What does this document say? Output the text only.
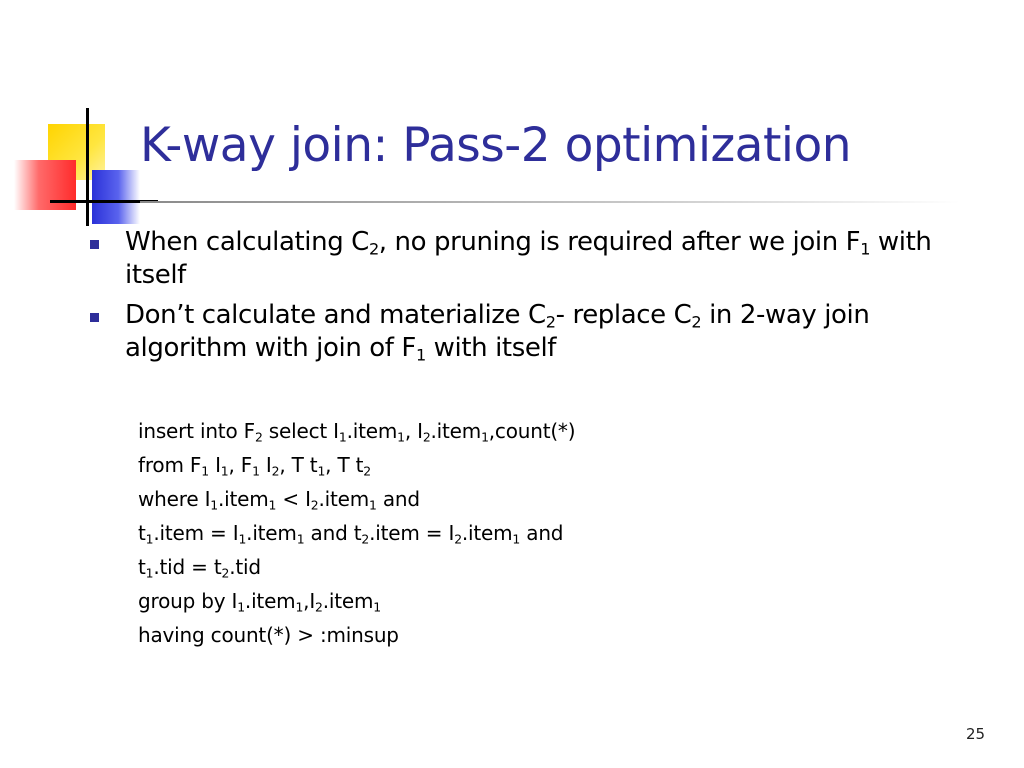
K-way join: Pass-2 optimization
When calculating $C_2$, no pruning is required after we join $F_1$ with itself
Don’t calculate and materialize $C_2-$ replace $C_2$ in 2-way join algorithm with join of $F_1$ with itself
insert into $F_2$ select $I_1.item_1$, $I_2.item_1,count(*)$
from $F_1$ $I_1$, $F_1$ $I_2$, T $t_1$, T $t_2$
where $I_1.item_1$ < $I_2.item_1$ and
$t_1.item$ = $I_1.item_1$ and $t_2.item$ = $I_2.item_1$ and
$t_1.tid = t_2.tid$
group by $I_1.item_1,I_2.item_1$
having count(*) > :minsup
25
